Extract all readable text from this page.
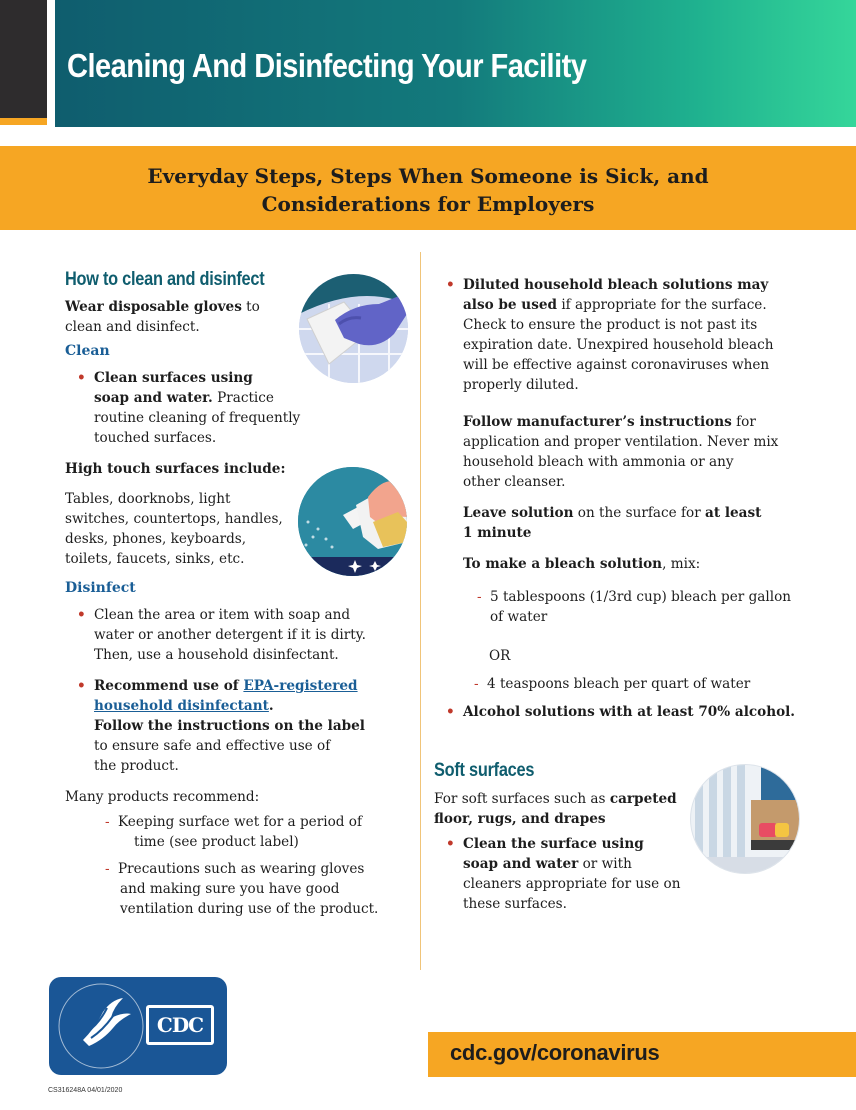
Cleaning And Disinfecting Your Facility
Everyday Steps, Steps When Someone is Sick, and
Considerations for Employers
How to clean and disinfect
Wear disposable gloves to
clean and disinfect.
Clean
• Clean surfaces using
soap and water. Practice
routine cleaning of frequently
touched surfaces.
High touch surfaces include:
Tables, doorknobs, light
switches, countertops, handles,
desks, phones, keyboards,
toilets, faucets, sinks, etc.
Disinfect
• Clean the area or item with soap and
water or another detergent if it is dirty.
Then, use a household disinfectant.
• Recommend use of EPA-registered
household disinfectant.
Follow the instructions on the label
to ensure safe and effective use of
the product.
Many products recommend:
- Keeping surface wet for a period of
time (see product label)
- Precautions such as wearing gloves
and making sure you have good
ventilation during use of the product.
• Diluted household bleach solutions may
also be used if appropriate for the surface.
Check to ensure the product is not past its
expiration date. Unexpired household bleach
will be effective against coronaviruses when
properly diluted.
Follow manufacturer’s instructions for
application and proper ventilation. Never mix
household bleach with ammonia or any
other cleanser.
Leave solution on the surface for at least
1 minute
To make a bleach solution, mix:
- 5 tablespoons (1/3rd cup) bleach per gallon
of water
OR
- 4 teaspoons bleach per quart of water
• Alcohol solutions with at least 70% alcohol.
Soft surfaces
For soft surfaces such as carpeted
floor, rugs, and drapes
• Clean the surface using
soap and water or with
cleaners appropriate for use on
these surfaces.
CDC
CS316248A 04/01/2020
cdc.gov/coronavirus
